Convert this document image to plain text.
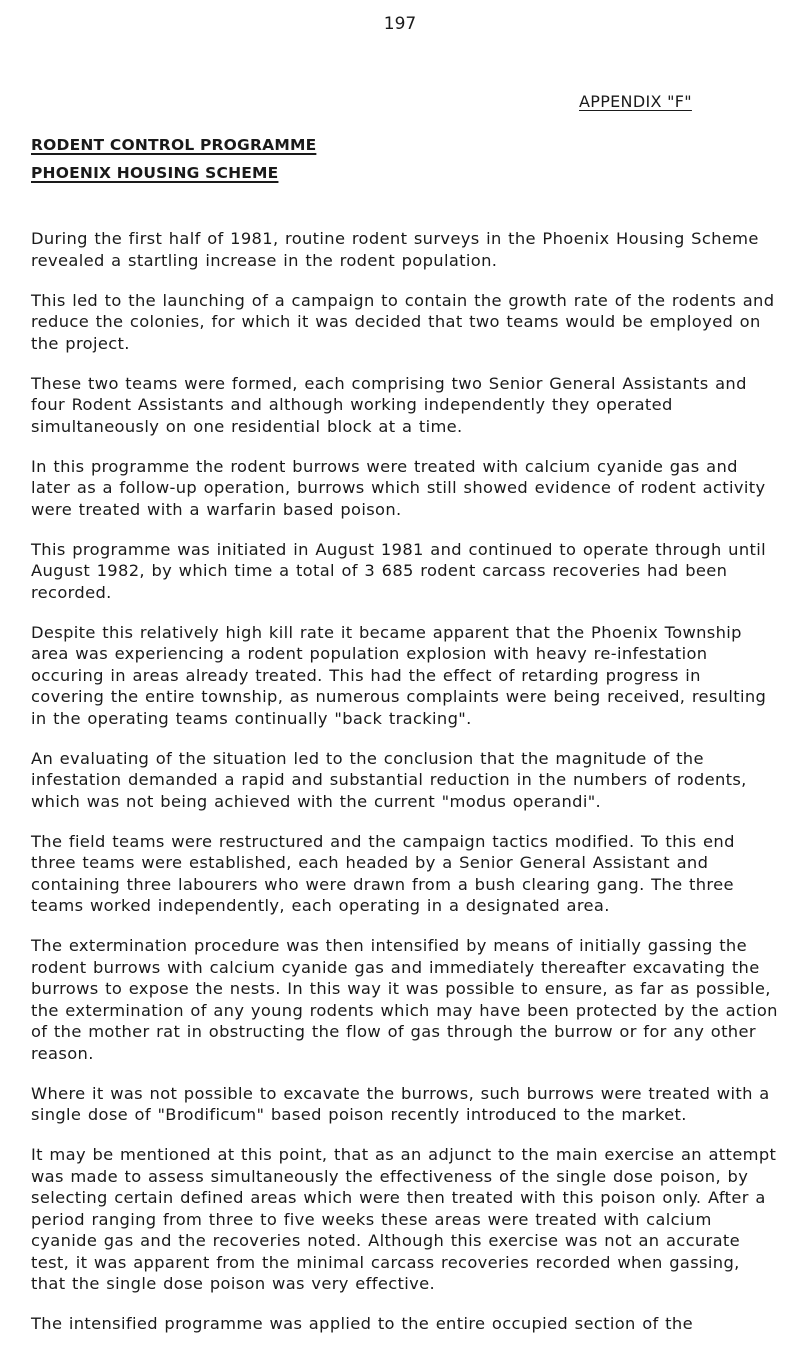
197
APPENDIX "F"
RODENT CONTROL PROGRAMME
PHOENIX HOUSING SCHEME

During the first half of 1981, routine rodent surveys in the Phoenix Housing Scheme revealed a startling increase in the rodent population.

This led to the launching of a campaign to contain the growth rate of the rodents and reduce the colonies, for which it was decided that two teams would be employed on the project.

These two teams were formed, each comprising two Senior General Assistants and four Rodent Assistants and although working independently they operated simultaneously on one residential block at a time.

In this programme the rodent burrows were treated with calcium cyanide gas and later as a follow-up operation, burrows which still showed evidence of rodent activity were treated with a warfarin based poison.

This programme was initiated in August 1981 and continued to operate through until August 1982, by which time a total of 3 685 rodent carcass recoveries had been recorded.

Despite this relatively high kill rate it became apparent that the Phoenix Township area was experiencing a rodent population explosion with heavy re-infestation occuring in areas already treated. This had the effect of retarding progress in covering the entire township, as numerous complaints were being received, resulting in the operating teams continually "back tracking".

An evaluating of the situation led to the conclusion that the magnitude of the infestation demanded a rapid and substantial reduction in the numbers of rodents, which was not being achieved with the current "modus operandi".

The field teams were restructured and the campaign tactics modified. To this end three teams were established, each headed by a Senior General Assistant and containing three labourers who were drawn from a bush clearing gang. The three teams worked independently, each operating in a designated area.

The extermination procedure was then intensified by means of initially gassing the rodent burrows with calcium cyanide gas and immediately thereafter excavating the burrows to expose the nests. In this way it was possible to ensure, as far as possible, the extermination of any young rodents which may have been protected by the action of the mother rat in obstructing the flow of gas through the burrow or for any other reason.

Where it was not possible to excavate the burrows, such burrows were treated with a single dose of "Brodificum" based poison recently introduced to the market.

It may be mentioned at this point, that as an adjunct to the main exercise an attempt was made to assess simultaneously the effectiveness of the single dose poison, by selecting certain defined areas which were then treated with this poison only. After a period ranging from three to five weeks these areas were treated with calcium cyanide gas and the recoveries noted. Although this exercise was not an accurate test, it was apparent from the minimal carcass recoveries recorded when gassing, that the single dose poison was very effective.

The intensified programme was applied to the entire occupied section of the
